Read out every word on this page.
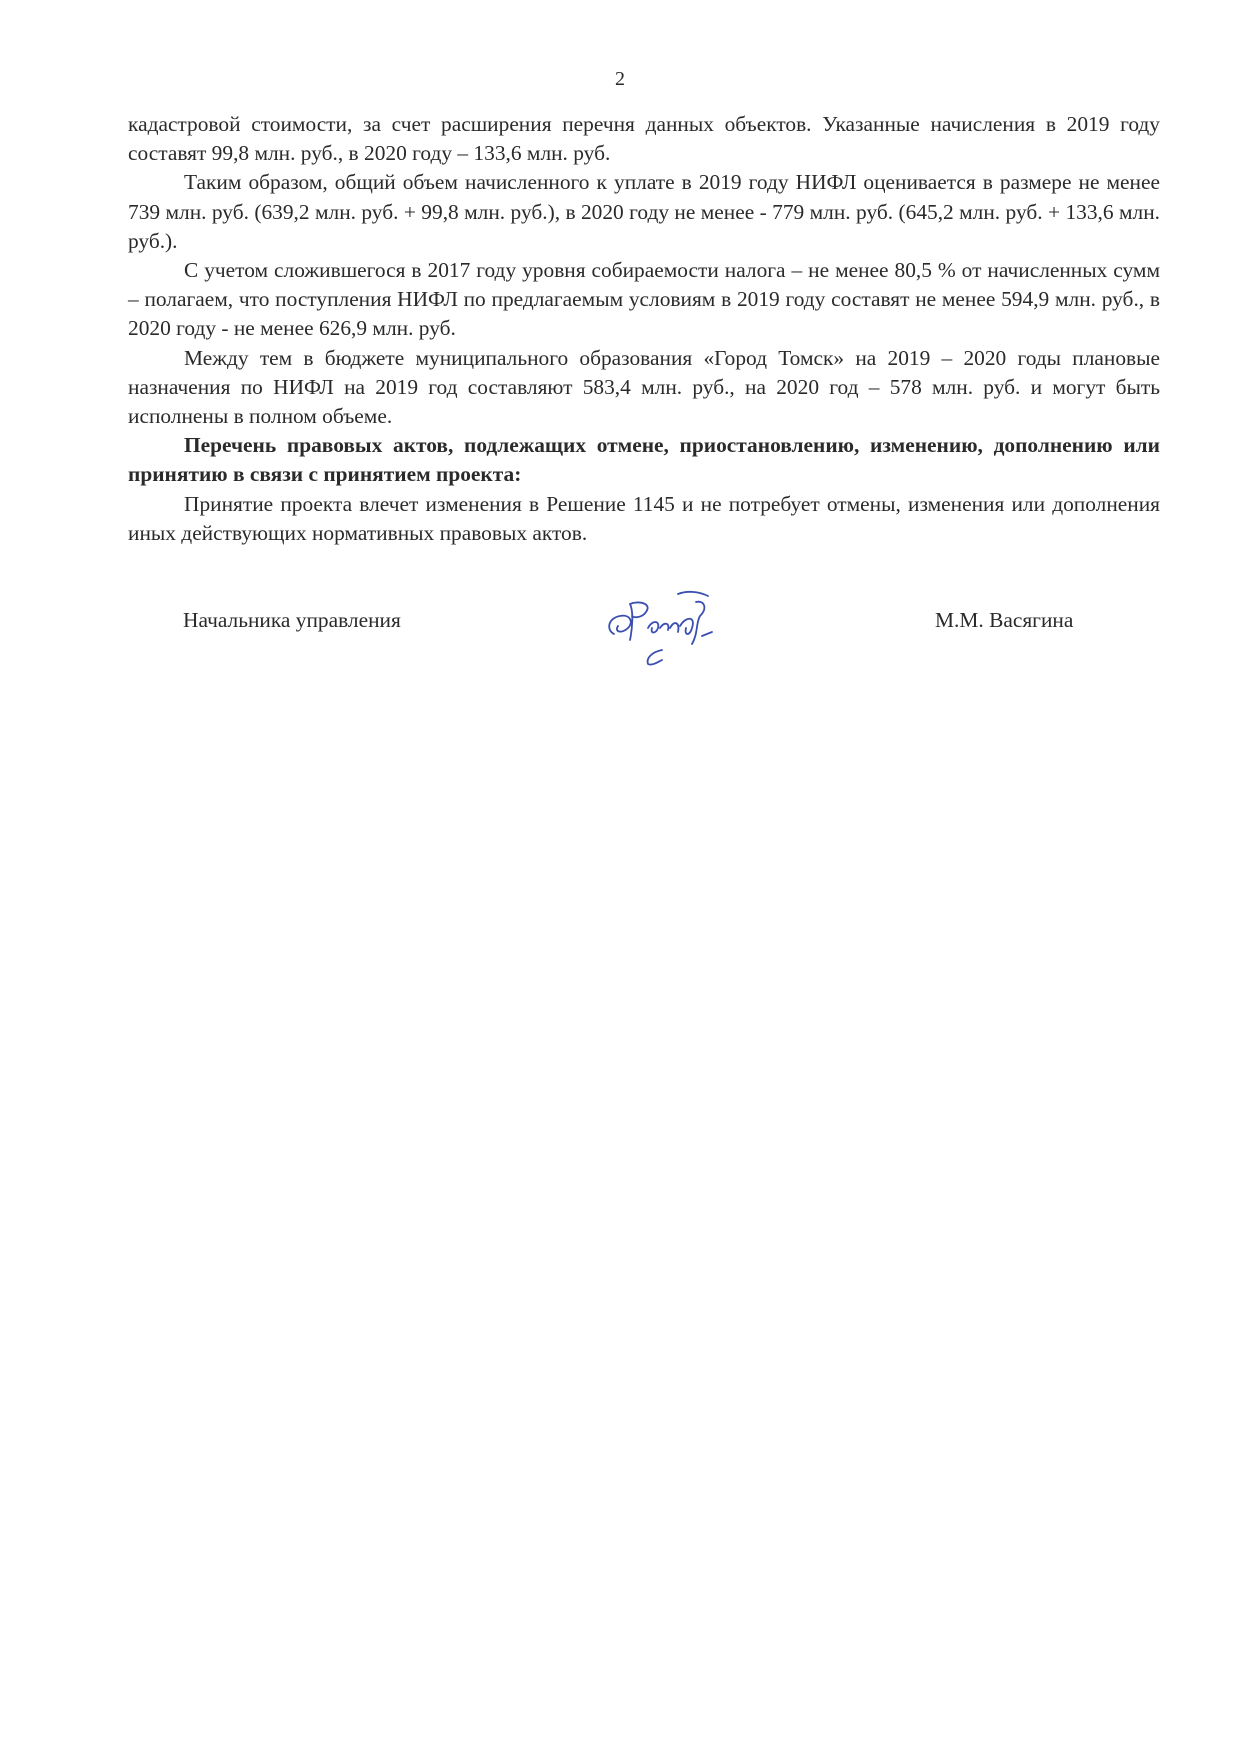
2

кадастровой стоимости, за счет расширения перечня данных объектов. Указанные начисления в 2019 году составят 99,8 млн. руб., в 2020 году – 133,6 млн. руб.

Таким образом, общий объем начисленного к уплате в 2019 году НИФЛ оценивается в размере не менее 739 млн. руб. (639,2 млн. руб. + 99,8 млн. руб.), в 2020 году не менее - 779 млн. руб. (645,2 млн. руб. + 133,6 млн. руб.).

С учетом сложившегося в 2017 году уровня собираемости налога – не менее 80,5 % от начисленных сумм – полагаем, что поступления НИФЛ по предлагаемым условиям в 2019 году составят не менее 594,9 млн. руб., в 2020 году - не менее 626,9 млн. руб.

Между тем в бюджете муниципального образования «Город Томск» на 2019 – 2020 годы плановые назначения по НИФЛ на 2019 год составляют 583,4 млн. руб., на 2020 год – 578 млн. руб. и могут быть исполнены в полном объеме.

Перечень правовых актов, подлежащих отмене, приостановлению, изменению, дополнению или принятию в связи с принятием проекта:

Принятие проекта влечет изменения в Решение 1145 и не потребует отмены, изменения или дополнения иных действующих нормативных правовых актов.

Начальника управления	М.М. Васягина
